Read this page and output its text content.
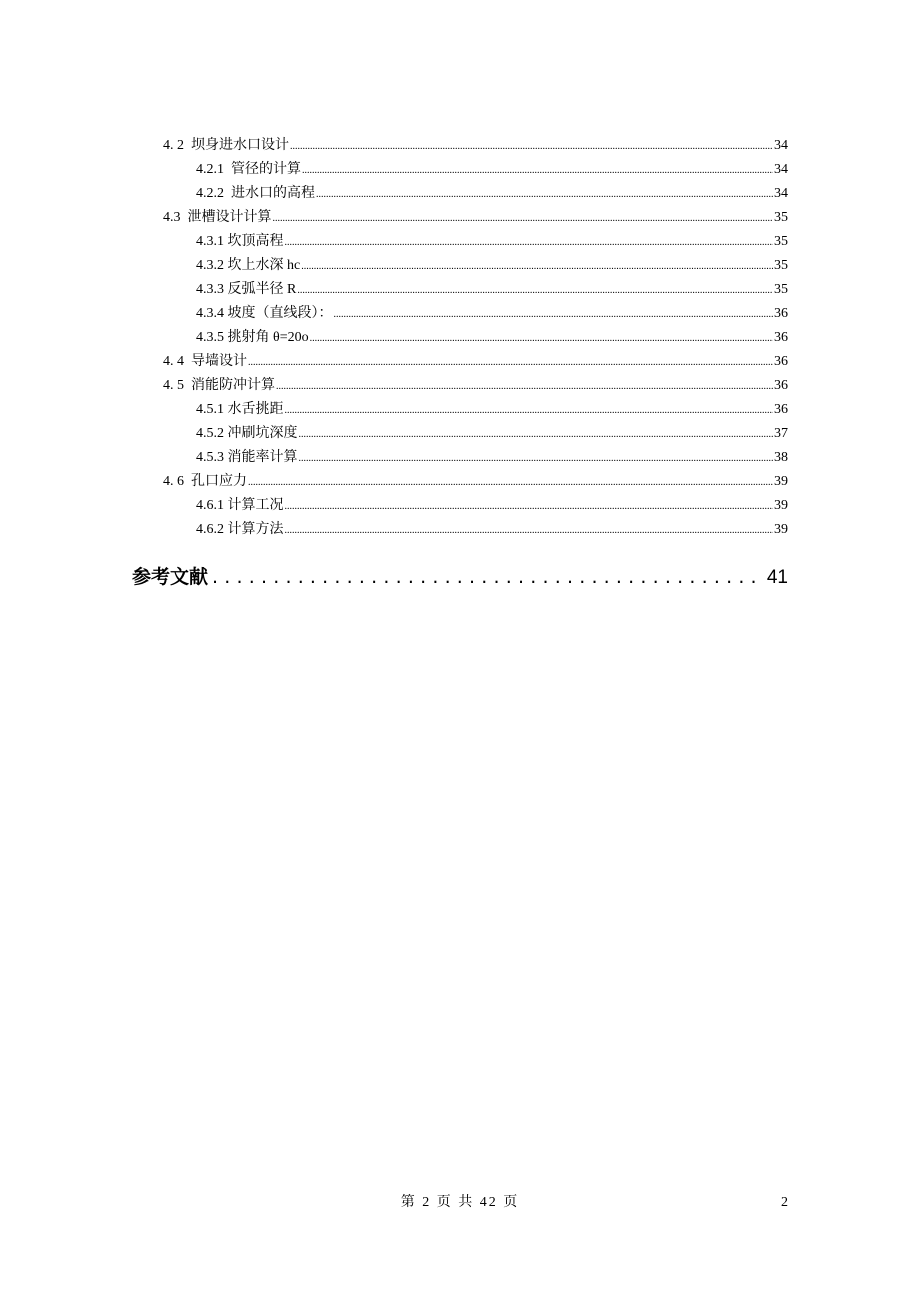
4. 2  坝身进水口设计 .....	34
4.2.1  管径的计算 .....	34
4.2.2  进水口的高程 .....	34
4.3  泄槽设计计算 .....	35
4.3.1 坎顶高程 .....	35
4.3.2 坎上水深 hc .....	35
4.3.3 反弧半径 R .....	35
4.3.4 坡度（直线段）： .....	36
4.3.5 挑射角 θ=20o .....	36
4. 4  导墙设计 .....	36
4. 5  消能防冲计算 .....	36
4.5.1 水舌挑距 .....	36
4.5.2 冲刷坑深度 .....	37
4.5.3 消能率计算 .....	38
4. 6  孔口应力 .....	39
4.6.1 计算工况 .....	39
4.6.2 计算方法 .....	39
参考文献 .....	41
第 2 页 共 42 页	2
